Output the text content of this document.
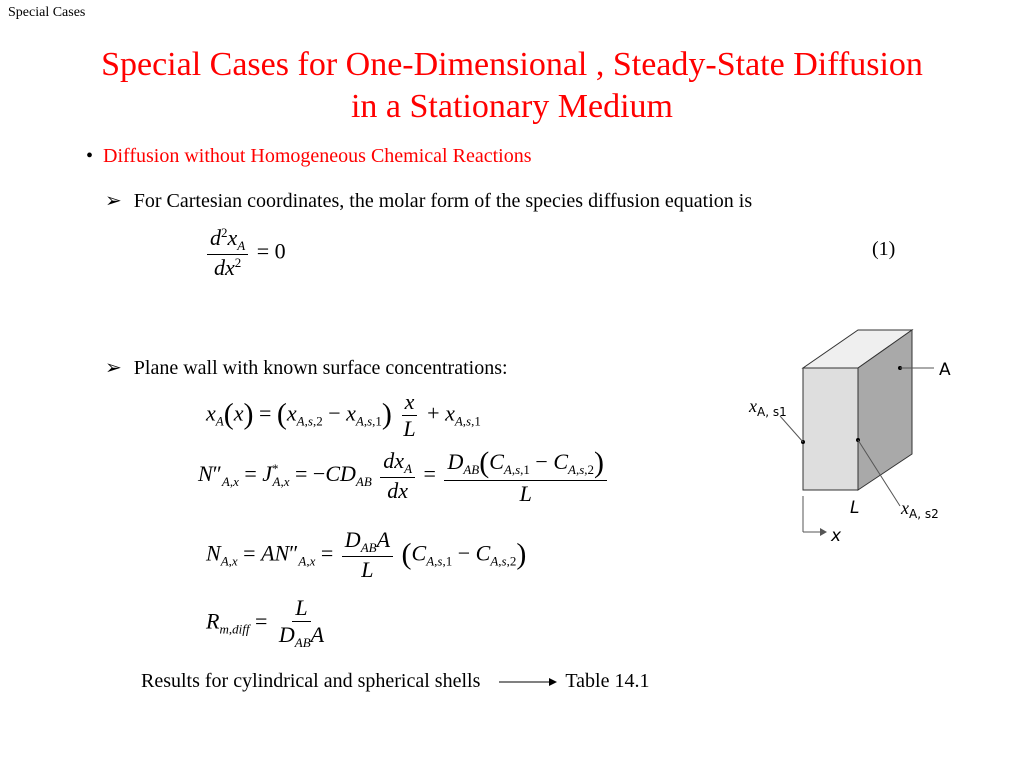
Special Cases
Special Cases for One-Dimensional , Steady-State Diffusion
in a Stationary Medium
• Diffusion without Homogeneous Chemical Reactions
➢ For Cartesian coordinates, the molar form of the species diffusion equation is
$\frac{d^2x_A}{dx^2} = 0$	(1)
➢ Plane wall with known surface concentrations:
$x_A(x) = (x_{A,s,2} - x_{A,s,1}) \frac{x}{L} + x_{A,s,1}$
$N''_{A,x} = J^*_{A,x} = -CD_{AB} \frac{dx_A}{dx} = \frac{D_{AB}(C_{A,s,1} - C_{A,s,2})}{L}$
$N_{A,x} = AN''_{A,x} = \frac{D_{AB}A}{L} (C_{A,s,1} - C_{A,s,2})$
$R_{m,diff} = \frac{L}{D_{AB}A}$
A
$x_{A, s1}$
L $x_{A, s2}$
x
Results for cylindrical and spherical shells	Table 14.1
